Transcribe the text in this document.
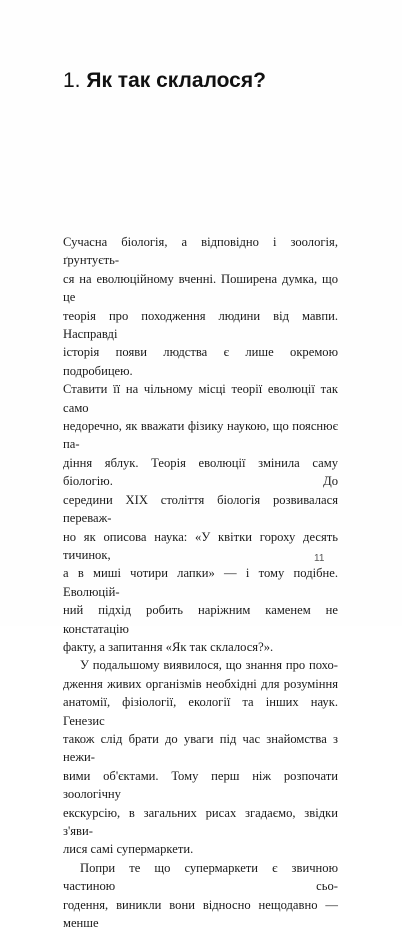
1. Як так склалося?

Сучасна біологія, а відповідно і зоологія, ґрунтуєть-
ся на еволюційному вченні. Поширена думка, що це
теорія про походження людини від мавпи. Насправді
історія появи людства є лише окремою подробицею.
Ставити її на чільному місці теорії еволюції так само
недоречно, як вважати фізику наукою, що пояснює па-
діння яблук. Теорія еволюції змінила саму біологію. До
середини XIX століття біологія розвивалася переваж-
но як описова наука: «У квітки гороху десять тичинок,
а в миші чотири лапки» — і тому подібне. Еволюцій-
ний підхід робить наріжним каменем не констатацію
факту, а запитання «Як так склалося?».

У подальшому виявилося, що знання про похо-
дження живих організмів необхідні для розуміння
анатомії, фізіології, екології та інших наук. Генезис
також слід брати до уваги під час знайомства з нежи-
вими об'єктами. Тому перш ніж розпочати зоологічну
екскурсію, в загальних рисах згадаємо, звідки з'яви-
лися самі супермаркети.

Попри те що супермаркети є звичною частиною сьо-
годення, виникли вони відносно нещодавно — менше

11
